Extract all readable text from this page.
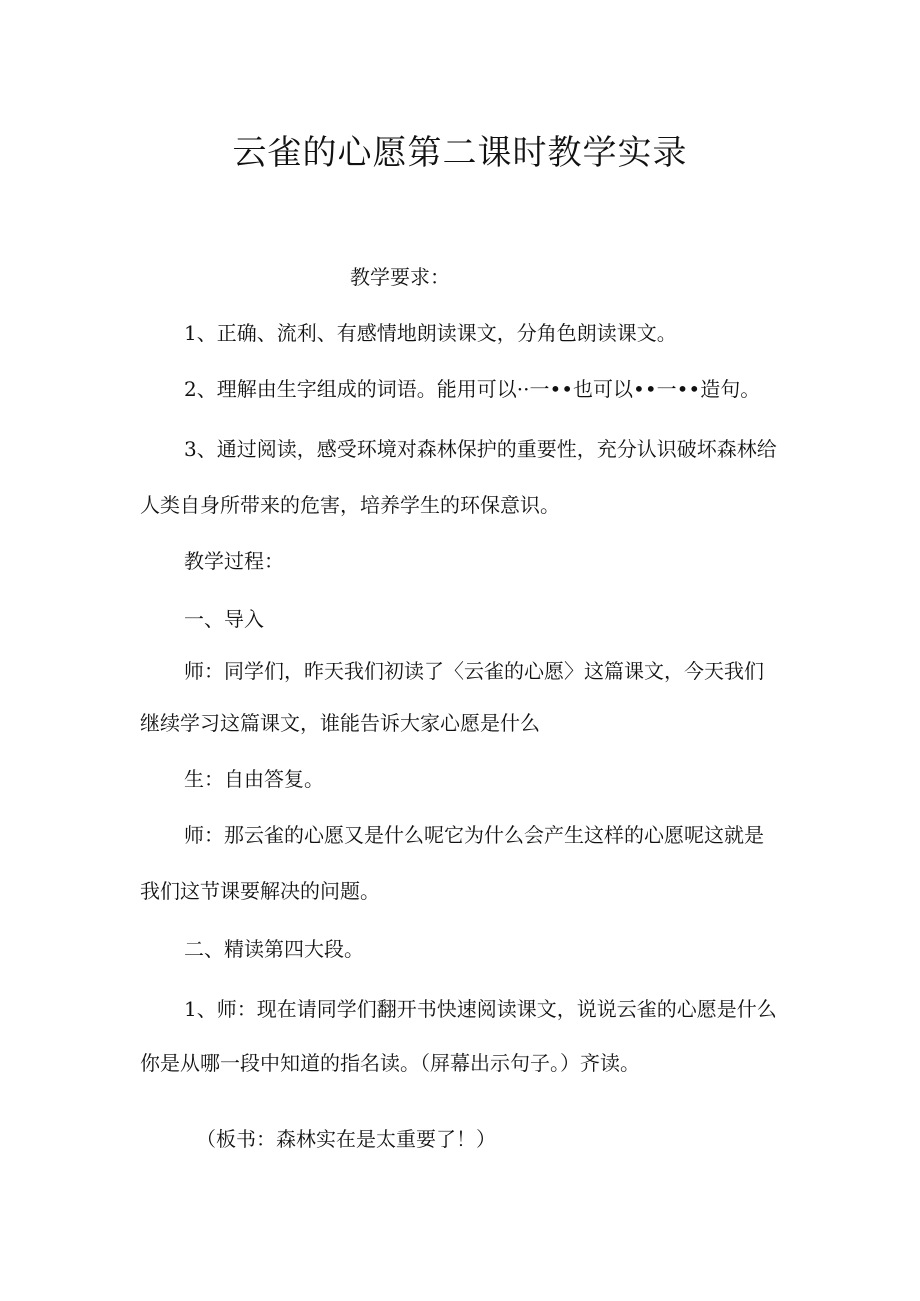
云雀的心愿第二课时教学实录

教学要求：

1、正确、流利、有感情地朗读课文，分角色朗读课文。

2、理解由生字组成的词语。能用可以··一••也可以••一••造句。

3、通过阅读，感受环境对森林保护的重要性，充分认识破坏森林给

人类自身所带来的危害，培养学生的环保意识。

教学过程：

一、导入

师：同学们，昨天我们初读了〈云雀的心愿〉这篇课文，今天我们

继续学习这篇课文，谁能告诉大家心愿是什么

生：自由答复。

师：那云雀的心愿又是什么呢它为什么会产生这样的心愿呢这就是

我们这节课要解决的问题。

二、精读第四大段。

1、师：现在请同学们翻开书快速阅读课文，说说云雀的心愿是什么

你是从哪一段中知道的指名读。（屏幕出示句子。）齐读。

（板书：森林实在是太重要了！）
